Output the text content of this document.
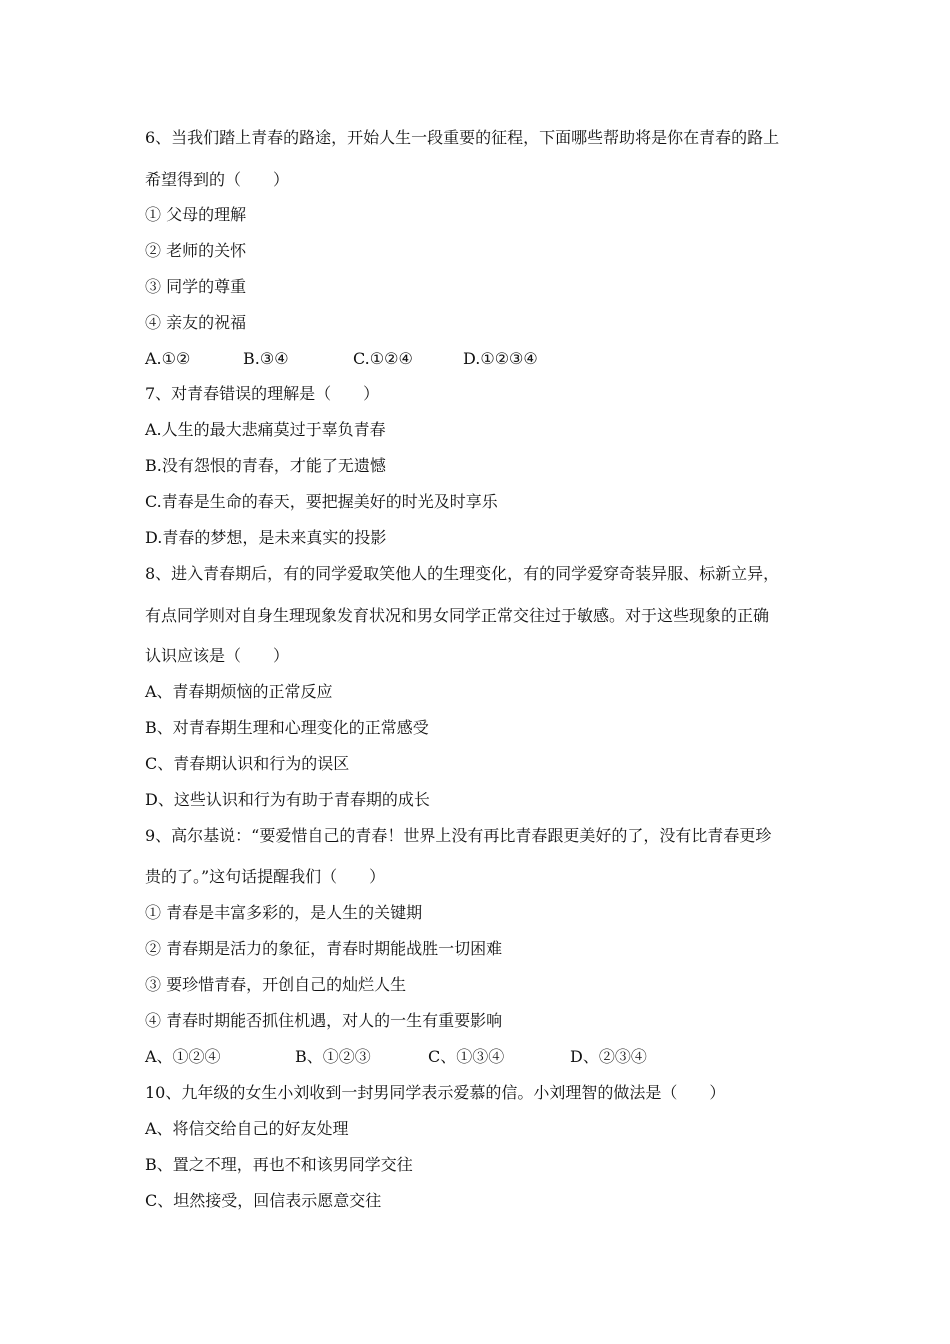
6、当我们踏上青春的路途，开始人生一段重要的征程，下面哪些帮助将是你在青春的路上
希望得到的（　　）
① 父母的理解
② 老师的关怀
③ 同学的尊重
④ 亲友的祝福

A.①②

	B.③④

	C.①②④

	D.①②③④

7、对青春错误的理解是（　　）
A.人生的最大悲痛莫过于辜负青春
B.没有怨恨的青春，才能了无遗憾
C.青春是生命的春天，要把握美好的时光及时享乐
D.青春的梦想，是未来真实的投影
8、进入青春期后，有的同学爱取笑他人的生理变化，有的同学爱穿奇装异服、标新立异，
有点同学则对自身生理现象发育状况和男女同学正常交往过于敏感。对于这些现象的正确
认识应该是（　　）
A、青春期烦恼的正常反应
B、对青春期生理和心理变化的正常感受
C、青春期认识和行为的误区
D、这些认识和行为有助于青春期的成长
9、高尔基说：“要爱惜自己的青春！世界上没有再比青春跟更美好的了，没有比青春更珍
贵的了。”这句话提醒我们（　　）
① 青春是丰富多彩的，是人生的关键期
② 青春期是活力的象征，青春时期能战胜一切困难
③ 要珍惜青春，开创自己的灿烂人生
④ 青春时期能否抓住机遇，对人的一生有重要影响

A、①②④

	B、①②③

	C、①③④

	D、②③④

10、九年级的女生小刘收到一封男同学表示爱慕的信。小刘理智的做法是（　　）
A、将信交给自己的好友处理
B、置之不理，再也不和该男同学交往
C、坦然接受，回信表示愿意交往
